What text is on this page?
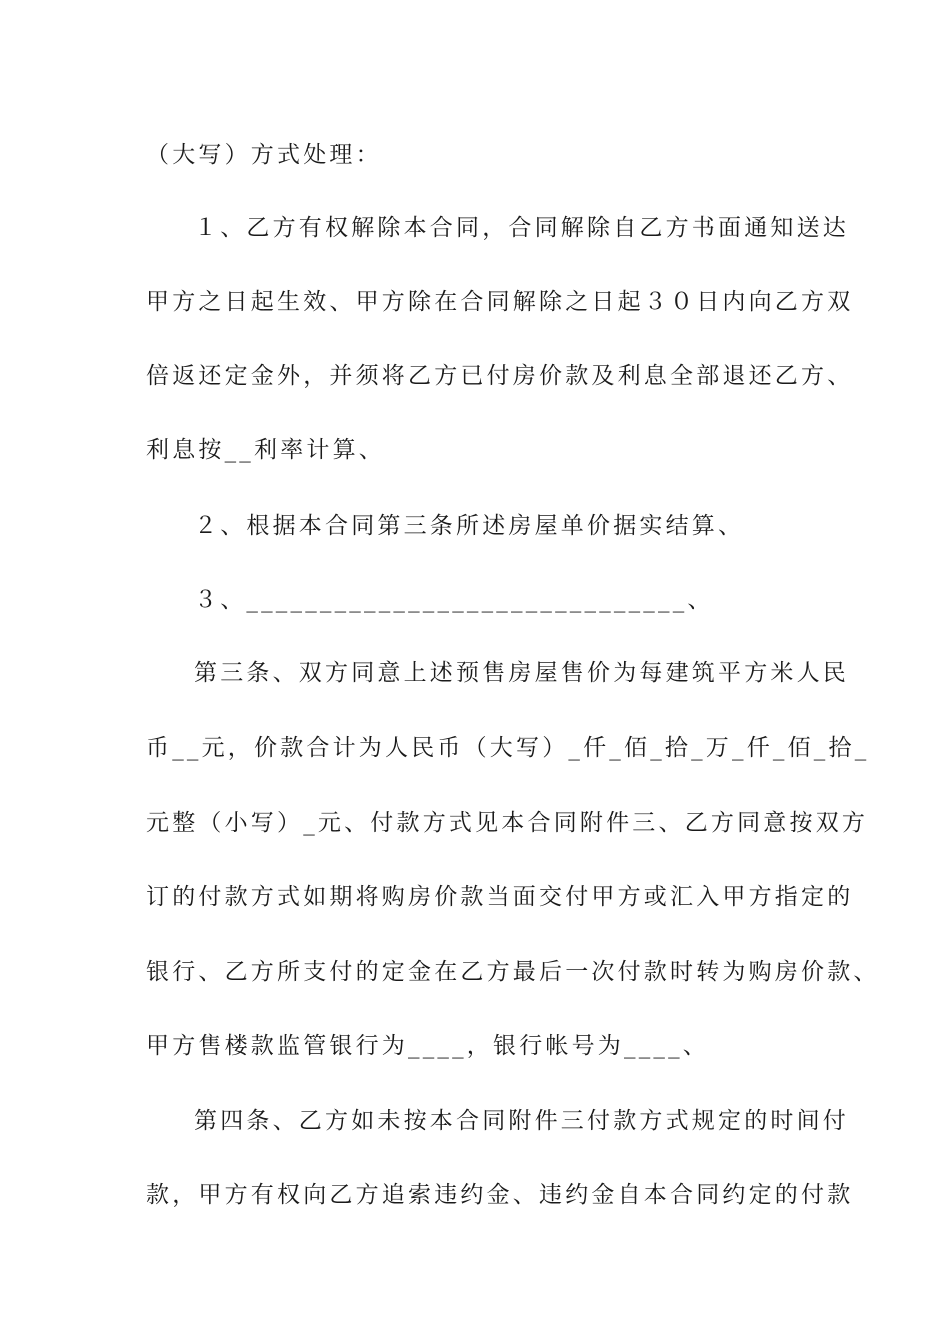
（大写）方式处理：
１、乙方有权解除本合同，合同解除自乙方书面通知送达
甲方之日起生效、甲方除在合同解除之日起３０日内向乙方双
倍返还定金外，并须将乙方已付房价款及利息全部退还乙方、
利息按__利率计算、
２、根据本合同第三条所述房屋单价据实结算、
３、______________________________、
第三条、双方同意上述预售房屋售价为每建筑平方米人民
币__元，价款合计为人民币（大写）_仟_佰_拾_万_仟_佰_拾_
元整（小写）_元、付款方式见本合同附件三、乙方同意按双方
订的付款方式如期将购房价款当面交付甲方或汇入甲方指定的
银行、乙方所支付的定金在乙方最后一次付款时转为购房价款、
甲方售楼款监管银行为____，银行帐号为____、
第四条、乙方如未按本合同附件三付款方式规定的时间付
款，甲方有权向乙方追索违约金、违约金自本合同约定的付款
